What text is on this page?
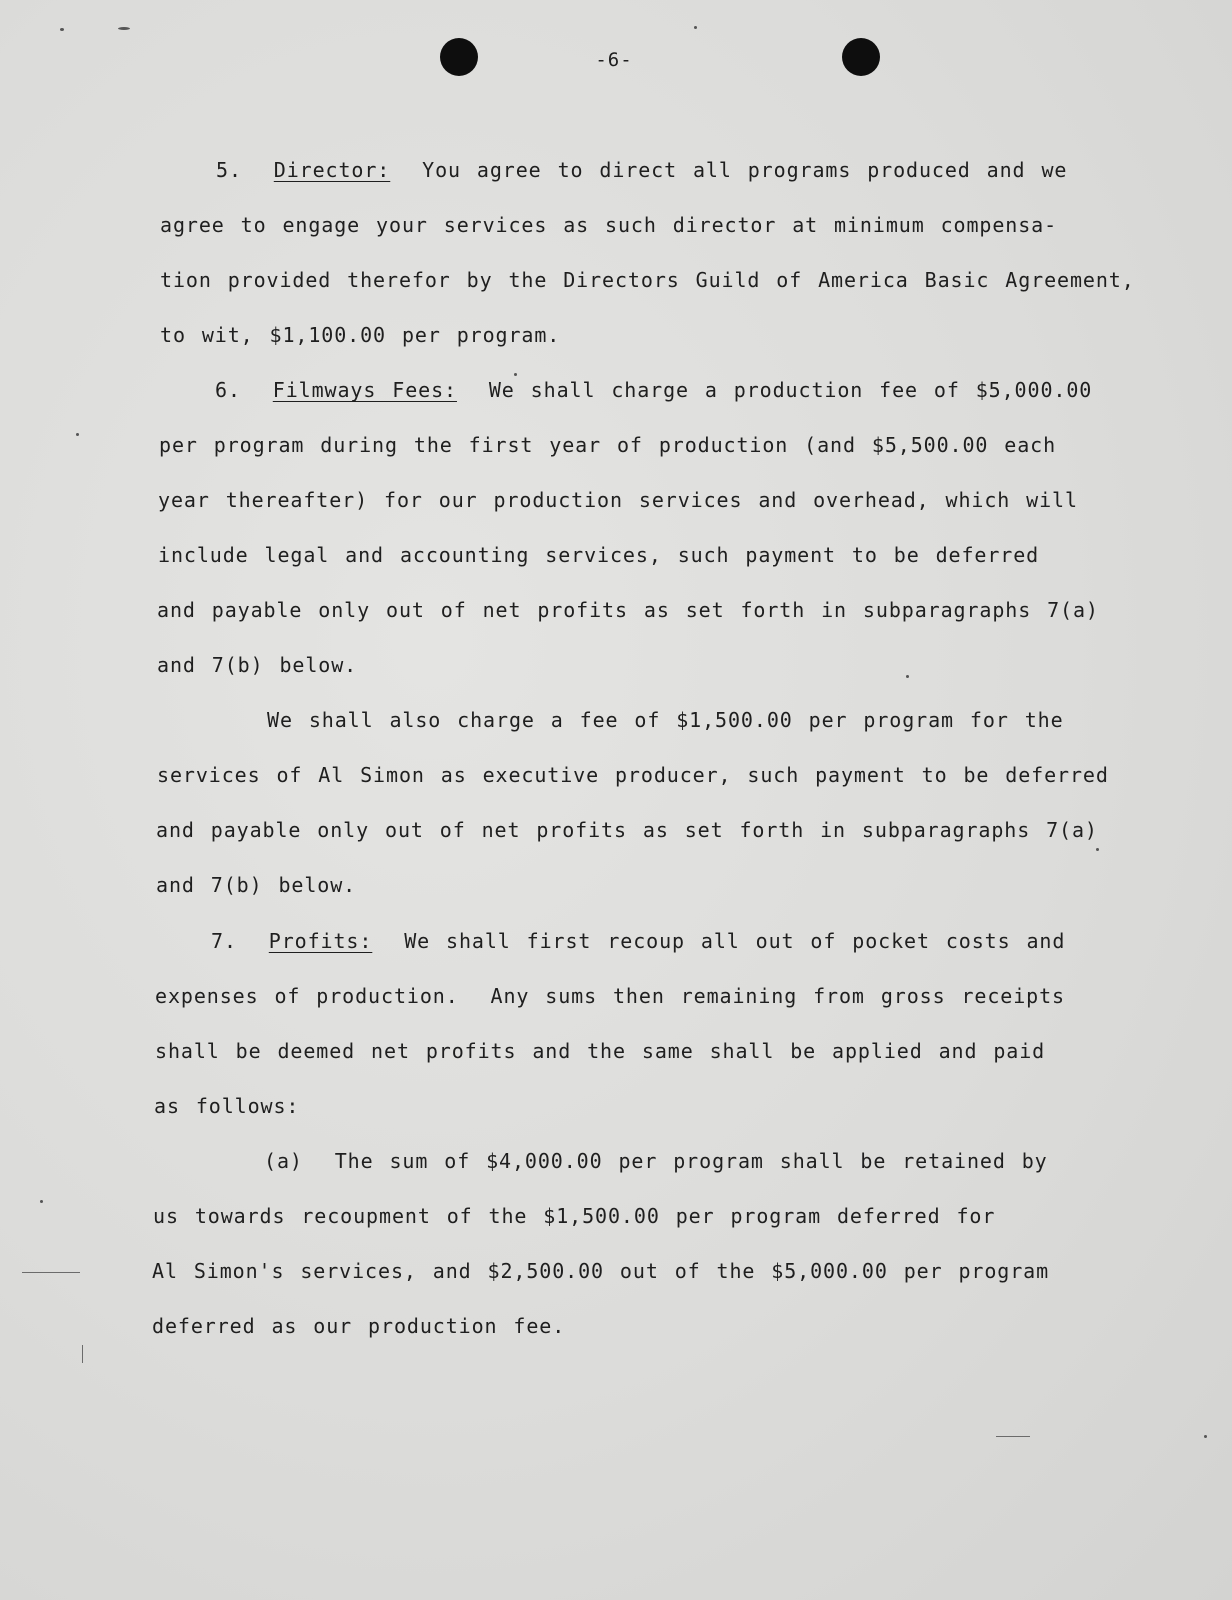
-6-
5. Director: You agree to direct all programs produced and we
agree to engage your services as such director at minimum compensa-
tion provided therefor by the Directors Guild of America Basic Agreement,
to wit, $1,100.00 per program.
6. Filmways Fees: We shall charge a production fee of $5,000.00
per program during the first year of production (and $5,500.00 each
year thereafter) for our production services and overhead, which will
include legal and accounting services, such payment to be deferred
and payable only out of net profits as set forth in subparagraphs 7(a)
and 7(b) below.
We shall also charge a fee of $1,500.00 per program for the
services of Al Simon as executive producer, such payment to be deferred
and payable only out of net profits as set forth in subparagraphs 7(a)
and 7(b) below.
7. Profits: We shall first recoup all out of pocket costs and
expenses of production.  Any sums then remaining from gross receipts
shall be deemed net profits and the same shall be applied and paid
as follows:
(a) The sum of $4,000.00 per program shall be retained by
us towards recoupment of the $1,500.00 per program deferred for
Al Simon's services, and $2,500.00 out of the $5,000.00 per program
deferred as our production fee.
